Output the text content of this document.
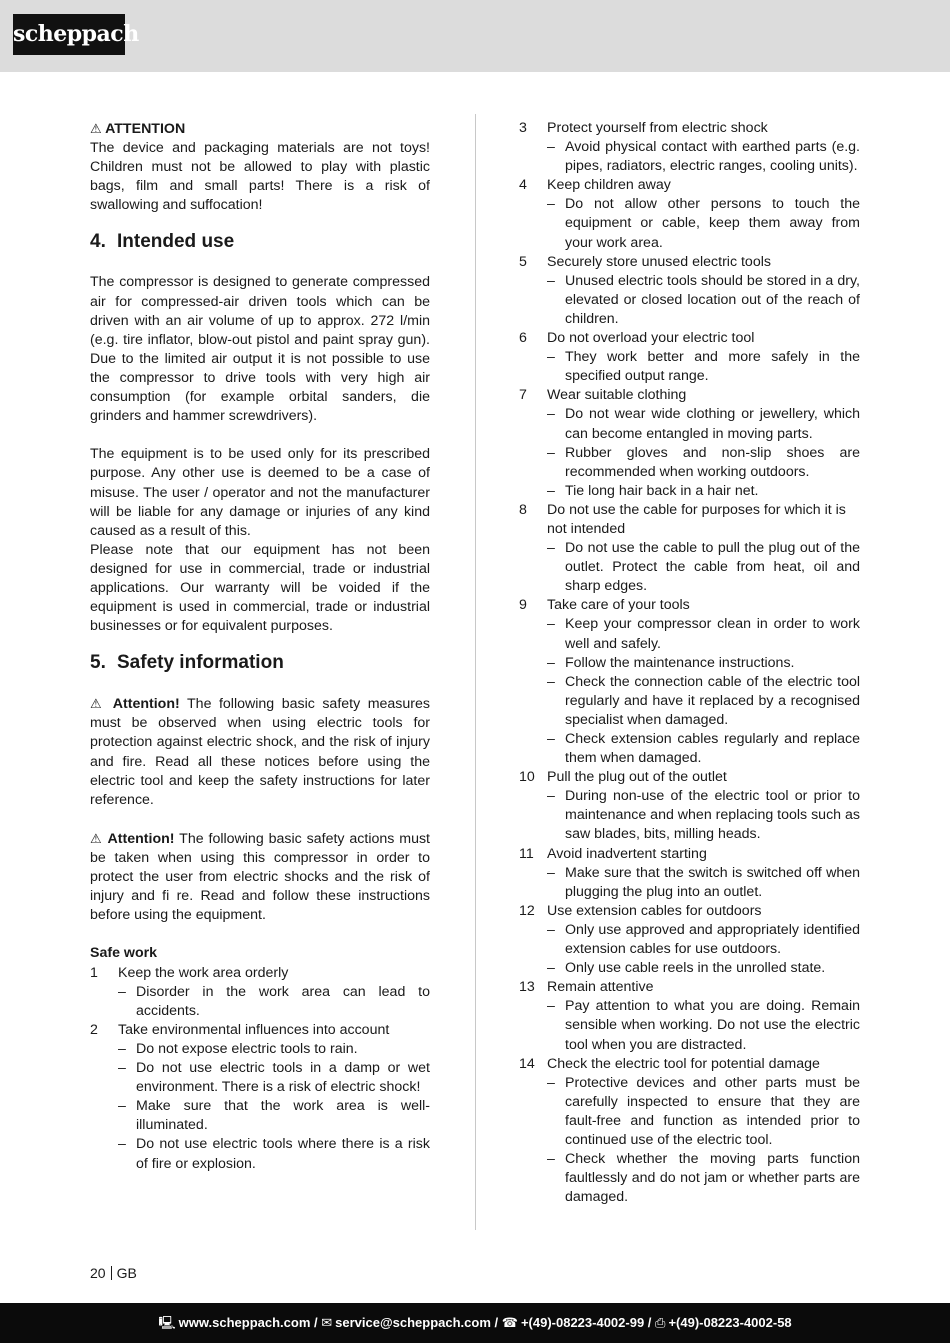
scheppach
⚠ ATTENTION

The device and packaging materials are not toys! Children must not be allowed to play with plastic bags, film and small parts! There is a risk of swallowing and suffocation!

4. Intended use

The compressor is designed to generate compressed air for compressed-air driven tools which can be driven with an air volume of up to approx. 272 l/min (e.g. tire inflator, blow-out pistol and paint spray gun). Due to the limited air output it is not possible to use the compressor to drive tools with very high air consumption (for example orbital sanders, die grinders and hammer screwdrivers).

The equipment is to be used only for its prescribed purpose. Any other use is deemed to be a case of misuse. The user / operator and not the manufacturer will be liable for any damage or injuries of any kind caused as a result of this.

Please note that our equipment has not been designed for use in commercial, trade or industrial applications. Our warranty will be voided if the equipment is used in commercial, trade or industrial businesses or for equivalent purposes.

5. Safety information

⚠ Attention! The following basic safety measures must be observed when using electric tools for protection against electric shock, and the risk of injury and fire. Read all these notices before using the electric tool and keep the safety instructions for later reference.

⚠ Attention! The following basic safety actions must be taken when using this compressor in order to protect the user from electric shocks and the risk of injury and fi re. Read and follow these instructions before using the equipment.

Safe work
1 Keep the work area orderly
– Disorder in the work area can lead to accidents.
2 Take environmental influences into account
– Do not expose electric tools to rain.
– Do not use electric tools in a damp or wet environment. There is a risk of electric shock!
– Make sure that the work area is well-illuminated.
– Do not use electric tools where there is a risk of fire or explosion.
3 Protect yourself from electric shock
– Avoid physical contact with earthed parts (e.g. pipes, radiators, electric ranges, cooling units).
4 Keep children away
– Do not allow other persons to touch the equipment or cable, keep them away from your work area.
5 Securely store unused electric tools
– Unused electric tools should be stored in a dry, elevated or closed location out of the reach of children.
6 Do not overload your electric tool
– They work better and more safely in the specified output range.
7 Wear suitable clothing
– Do not wear wide clothing or jewellery, which can become entangled in moving parts.
– Rubber gloves and non-slip shoes are recommended when working outdoors.
– Tie long hair back in a hair net.
8 Do not use the cable for purposes for which it is not intended
– Do not use the cable to pull the plug out of the outlet. Protect the cable from heat, oil and sharp edges.
9 Take care of your tools
– Keep your compressor clean in order to work well and safely.
– Follow the maintenance instructions.
– Check the connection cable of the electric tool regularly and have it replaced by a recognised specialist when damaged.
– Check extension cables regularly and replace them when damaged.
10 Pull the plug out of the outlet
– During non-use of the electric tool or prior to maintenance and when replacing tools such as saw blades, bits, milling heads.
11 Avoid inadvertent starting
– Make sure that the switch is switched off when plugging the plug into an outlet.
12 Use extension cables for outdoors
– Only use approved and appropriately identified extension cables for use outdoors.
– Only use cable reels in the unrolled state.
13 Remain attentive
– Pay attention to what you are doing. Remain sensible when working. Do not use the electric tool when you are distracted.
14 Check the electric tool for potential damage
– Protective devices and other parts must be carefully inspected to ensure that they are fault-free and function as intended prior to continued use of the electric tool.
– Check whether the moving parts function faultlessly and do not jam or whether parts are damaged.
20 GB
🖳 www.scheppach.com / ✉ service@scheppach.com / ☎ +(49)-08223-4002-99 / ⎙ +(49)-08223-4002-58
